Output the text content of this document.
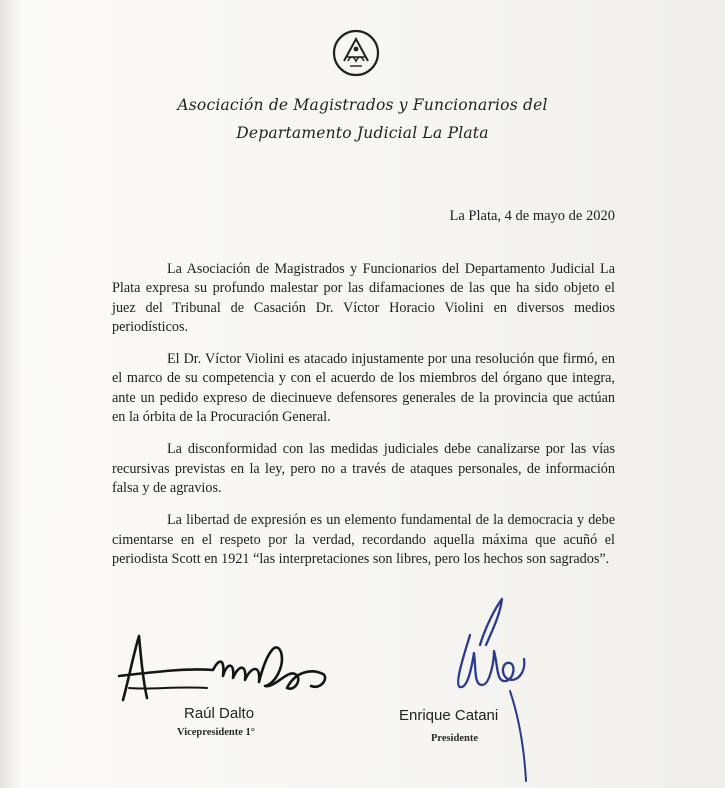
Asociación de Magistrados y Funcionarios del
Departamento Judicial La Plata
La Plata, 4 de mayo de 2020

La Asociación de Magistrados y Funcionarios del Departamento Judicial La Plata expresa su profundo malestar por las difamaciones de las que ha sido objeto el juez del Tribunal de Casación Dr. Víctor Horacio Violini en diversos medios periodísticos.

El Dr. Víctor Violini es atacado injustamente por una resolución que firmó, en el marco de su competencia y con el acuerdo de los miembros del órgano que integra, ante un pedido expreso de diecinueve defensores generales de la provincia que actúan en la órbita de la Procuración General.

La disconformidad con las medidas judiciales debe canalizarse por las vías recursivas previstas en la ley, pero no a través de ataques personales, de información falsa y de agravios.

La libertad de expresión es un elemento fundamental de la democracia y debe cimentarse en el respeto por la verdad, recordando aquella máxima que acuñó el periodista Scott en 1921 “las interpretaciones son libres, pero los hechos son sagrados”.

Raúl Dalto
Vicepresidente 1°
Enrique Catani
Presidente
